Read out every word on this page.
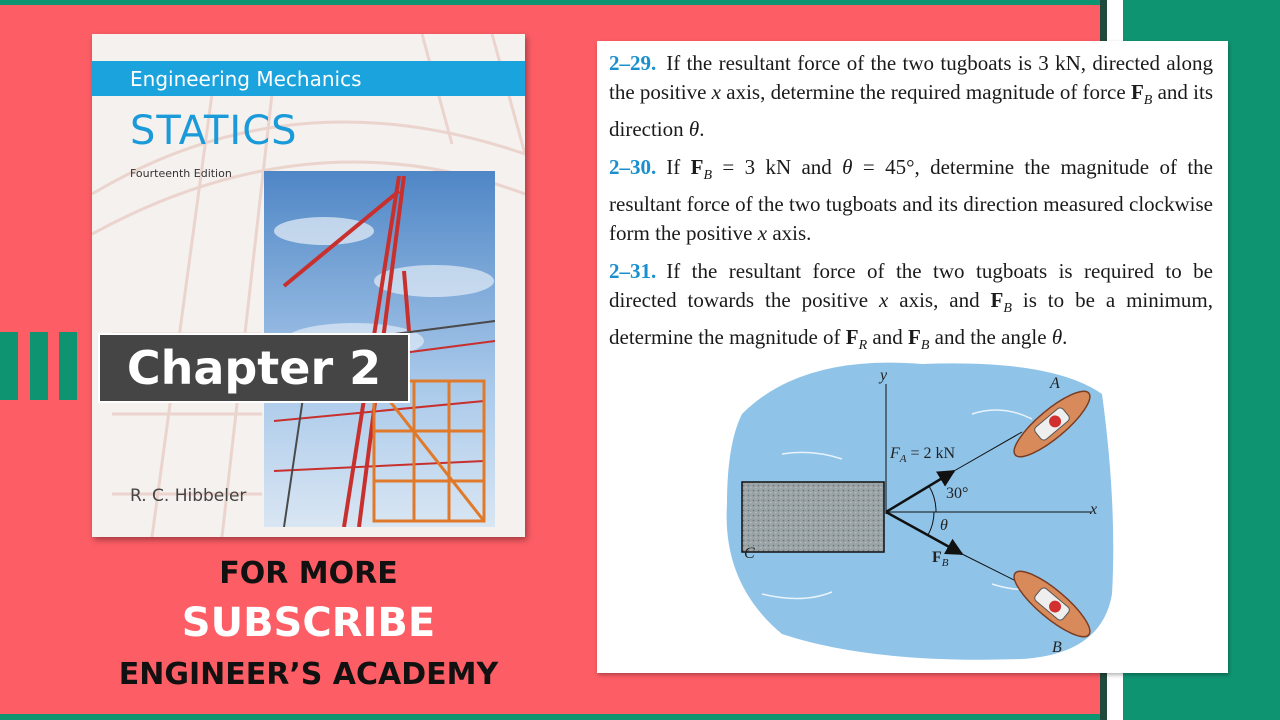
Engineering Mechanics
STATICS
Fourteenth Edition
R. C. Hibbeler
Chapter 2
FOR MORE
SUBSCRIBE
ENGINEER’S ACADEMY
2–29. If the resultant force of the two tugboats is 3 kN, directed along the positive x axis, determine the required magnitude of force $F_B$ and its direction θ.
2–30. If $F_B = 3$ kN and θ = 45°, determine the magnitude of the resultant force of the two tugboats and its direction measured clockwise form the positive x axis.
2–31. If the resultant force of the two tugboats is required to be directed towards the positive x axis, and $F_B$ is to be a minimum, determine the magnitude of $F_R$ and $F_B$ and the angle θ.
y
x
A
B
C
$F_A = 2$ kN
30°
θ
$F_B$
